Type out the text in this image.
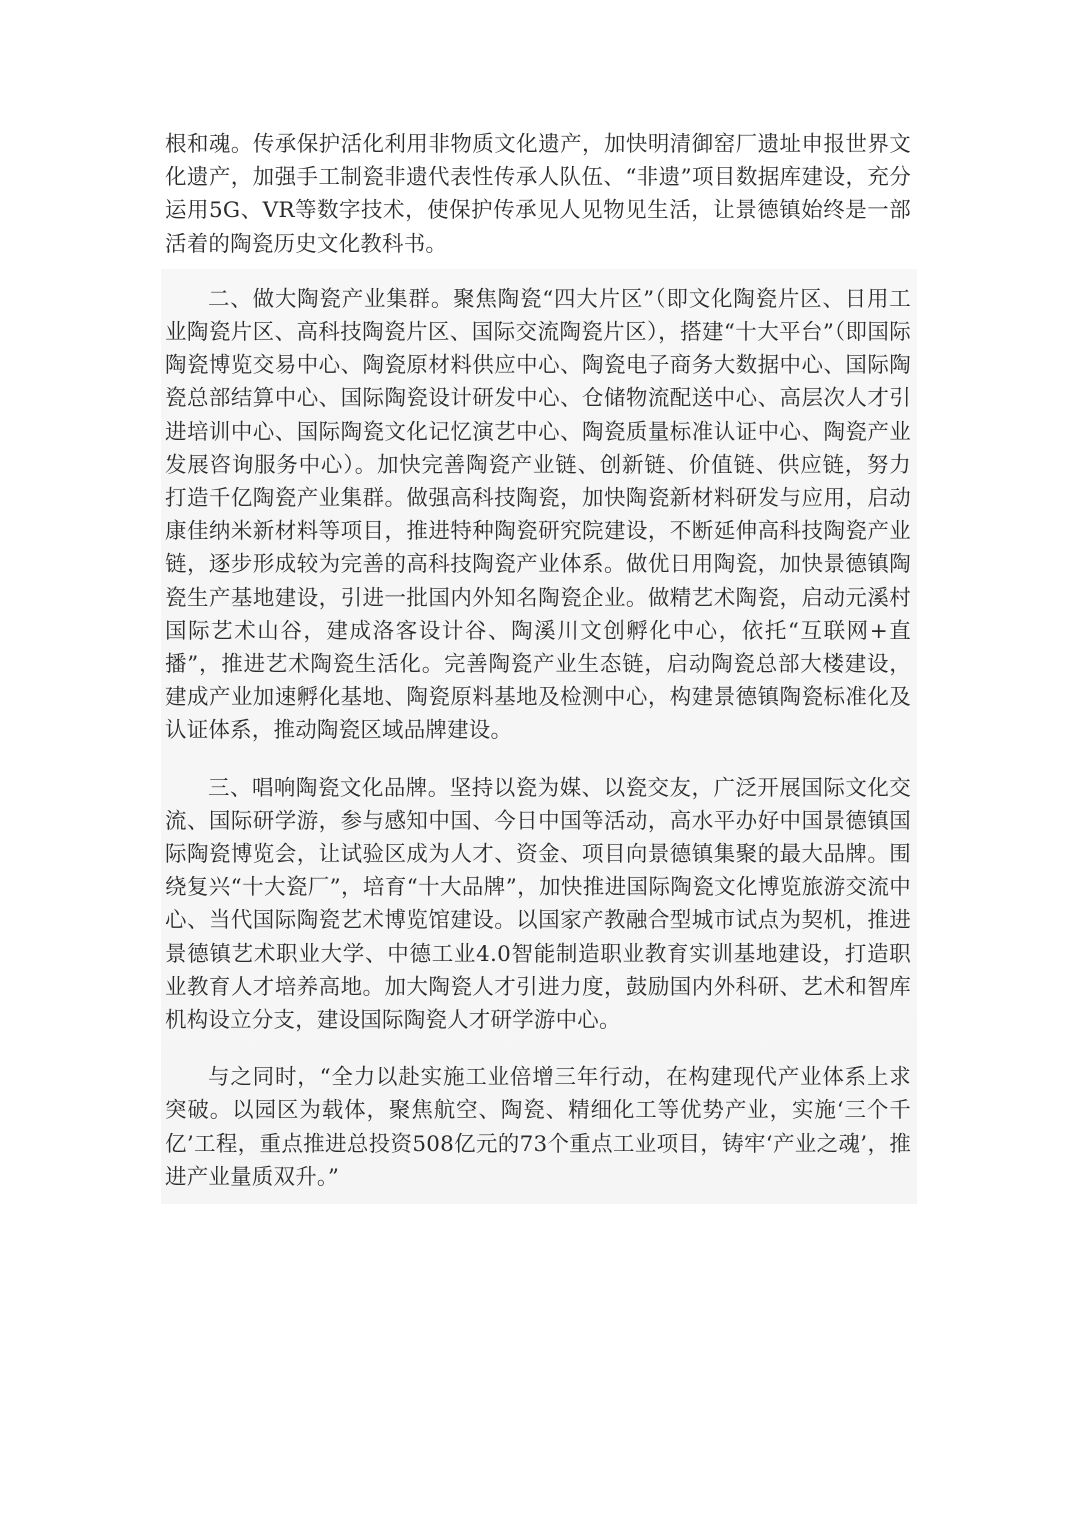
根和魂。传承保护活化利用非物质文化遗产，加快明清御窑厂遗址申报世界文化遗产，加强手工制瓷非遗代表性传承人队伍、“非遗”项目数据库建设，充分运用5G、VR等数字技术，使保护传承见人见物见生活，让景德镇始终是一部活着的陶瓷历史文化教科书。

二、做大陶瓷产业集群。聚焦陶瓷“四大片区”（即文化陶瓷片区、日用工业陶瓷片区、高科技陶瓷片区、国际交流陶瓷片区），搭建“十大平台”（即国际陶瓷博览交易中心、陶瓷原材料供应中心、陶瓷电子商务大数据中心、国际陶瓷总部结算中心、国际陶瓷设计研发中心、仓储物流配送中心、高层次人才引进培训中心、国际陶瓷文化记忆演艺中心、陶瓷质量标准认证中心、陶瓷产业发展咨询服务中心）。加快完善陶瓷产业链、创新链、价值链、供应链，努力打造千亿陶瓷产业集群。做强高科技陶瓷，加快陶瓷新材料研发与应用，启动康佳纳米新材料等项目，推进特种陶瓷研究院建设，不断延伸高科技陶瓷产业链，逐步形成较为完善的高科技陶瓷产业体系。做优日用陶瓷，加快景德镇陶瓷生产基地建设，引进一批国内外知名陶瓷企业。做精艺术陶瓷，启动元溪村国际艺术山谷，建成洛客设计谷、陶溪川文创孵化中心，依托“互联网+直播”，推进艺术陶瓷生活化。完善陶瓷产业生态链，启动陶瓷总部大楼建设，建成产业加速孵化基地、陶瓷原料基地及检测中心，构建景德镇陶瓷标准化及认证体系，推动陶瓷区域品牌建设。

三、唱响陶瓷文化品牌。坚持以瓷为媒、以瓷交友，广泛开展国际文化交流、国际研学游，参与感知中国、今日中国等活动，高水平办好中国景德镇国际陶瓷博览会，让试验区成为人才、资金、项目向景德镇集聚的最大品牌。围绕复兴“十大瓷厂”，培育“十大品牌”，加快推进国际陶瓷文化博览旅游交流中心、当代国际陶瓷艺术博览馆建设。以国家产教融合型城市试点为契机，推进景德镇艺术职业大学、中德工业4.0智能制造职业教育实训基地建设，打造职业教育人才培养高地。加大陶瓷人才引进力度，鼓励国内外科研、艺术和智库机构设立分支，建设国际陶瓷人才研学游中心。

与之同时，“全力以赴实施工业倍增三年行动，在构建现代产业体系上求突破。以园区为载体，聚焦航空、陶瓷、精细化工等优势产业，实施‘三个千亿’工程，重点推进总投资508亿元的73个重点工业项目，铸牢‘产业之魂’，推进产业量质双升。”
